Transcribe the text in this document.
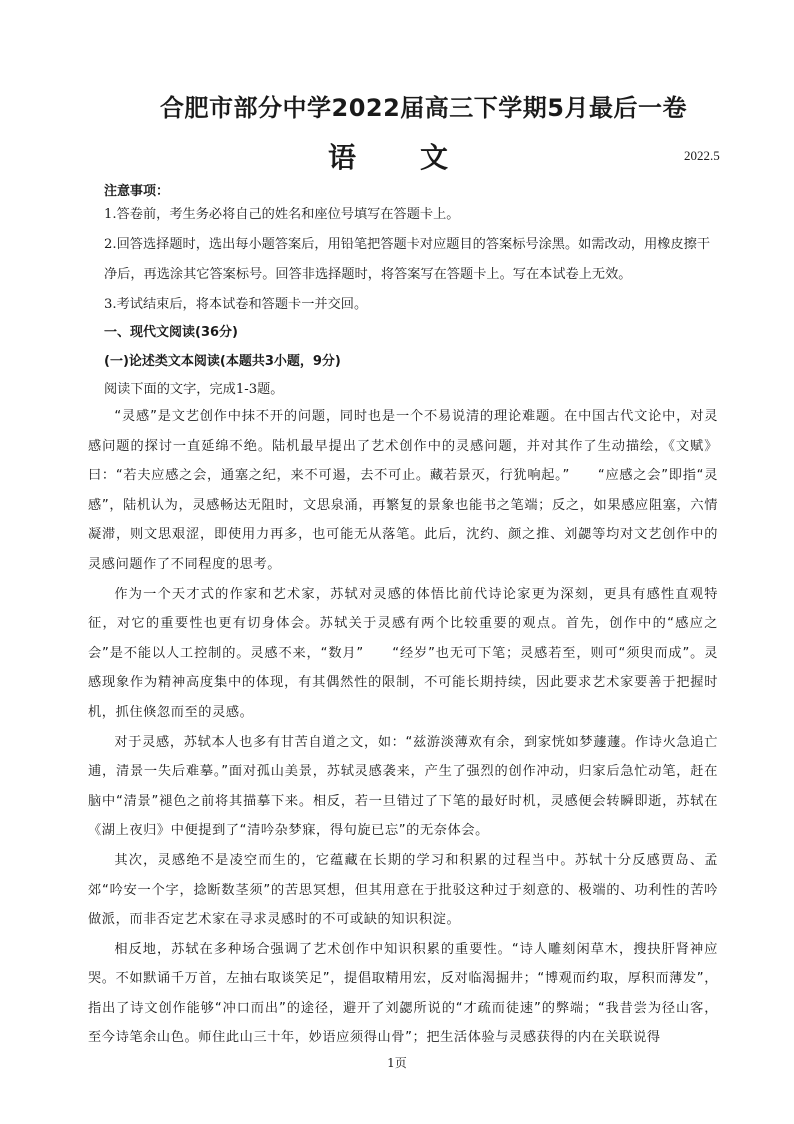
合肥市部分中学2022届高三下学期5月最后一卷
语文	2022.5
注意事项：
1.答卷前，考生务必将自己的姓名和座位号填写在答题卡上。
2.回答选择题时，选出每小题答案后，用铅笔把答题卡对应题目的答案标号涂黑。如需改动，用橡皮擦干净后，再选涂其它答案标号。回答非选择题时，将答案写在答题卡上。写在本试卷上无效。
3.考试结束后，将本试卷和答题卡一并交回。
一、现代文阅读(36分)
(一)论述类文本阅读(本题共3小题，9分)
阅读下面的文字，完成1-3题。

“灵感”是文艺创作中抹不开的问题，同时也是一个不易说清的理论难题。在中国古代文论中，对灵感问题的探讨一直延绵不绝。陆机最早提出了艺术创作中的灵感问题，并对其作了生动描绘，《文赋》曰：“若夫应感之会，通塞之纪，来不可遏，去不可止。藏若景灭，行犹响起。”　　“应感之会”即指“灵感”，陆机认为，灵感畅达无阻时，文思泉涌，再繁复的景象也能书之笔端；反之，如果感应阻塞，六情凝滞，则文思艰涩，即使用力再多，也可能无从落笔。此后，沈约、颜之推、刘勰等均对文艺创作中的灵感问题作了不同程度的思考。

作为一个天才式的作家和艺术家，苏轼对灵感的体悟比前代诗论家更为深刻，更具有感性直观特征，对它的重要性也更有切身体会。苏轼关于灵感有两个比较重要的观点。首先，创作中的“感应之会”是不能以人工控制的。灵感不来，“数月”　　“经岁”也无可下笔；灵感若至，则可“须臾而成”。灵感现象作为精神高度集中的体现，有其偶然性的限制，不可能长期持续，因此要求艺术家要善于把握时机，抓住倏忽而至的灵感。

对于灵感，苏轼本人也多有甘苦自道之文，如：“兹游淡薄欢有余，到家恍如梦蘧蘧。作诗火急追亡逋，清景一失后难摹。”面对孤山美景，苏轼灵感袭来，产生了强烈的创作冲动，归家后急忙动笔，赶在脑中“清景”褪色之前将其描摹下来。相反，若一旦错过了下笔的最好时机，灵感便会转瞬即逝，苏轼在《湖上夜归》中便提到了“清吟杂梦寐，得句旋已忘”的无奈体会。

其次，灵感绝不是凌空而生的，它蕴藏在长期的学习和积累的过程当中。苏轼十分反感贾岛、孟郊“吟安一个字，捻断数茎须”的苦思冥想，但其用意在于批驳这种过于刻意的、极端的、功利性的苦吟做派，而非否定艺术家在寻求灵感时的不可或缺的知识积淀。

相反地，苏轼在多种场合强调了艺术创作中知识积累的重要性。“诗人雕刻闲草木，搜抉肝肾神应哭。不如默诵千万首，左抽右取谈笑足”，提倡取精用宏，反对临渴掘井；“博观而约取，厚积而薄发”，指出了诗文创作能够“冲口而出”的途径，避开了刘勰所说的“才疏而徒速”的弊端；“我昔尝为径山客，至今诗笔余山色。师住此山三十年，妙语应须得山骨”；把生活体验与灵感获得的内在关联说得

1页
